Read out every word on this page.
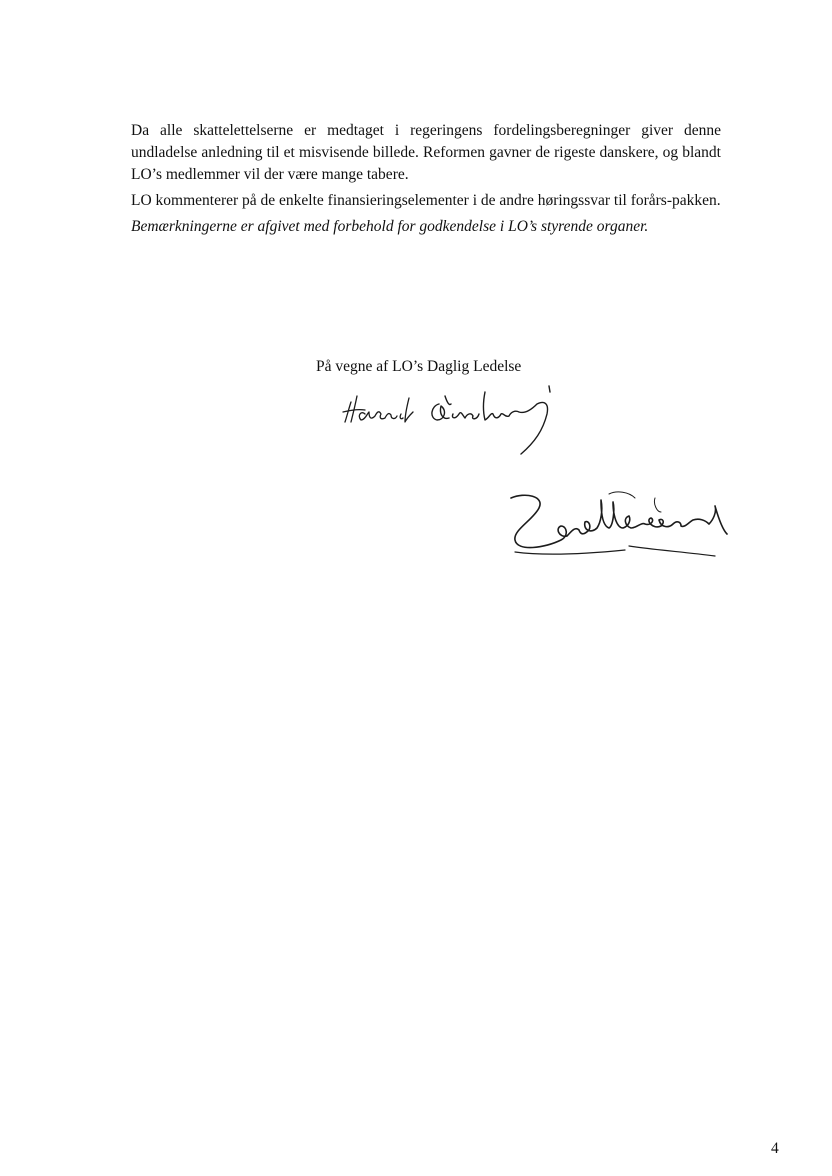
Da alle skattelettelserne er medtaget i regeringens fordelingsberegninger giver denne undladelse anledning til et misvisende billede. Reformen gavner de rigeste danskere, og blandt LO’s medlemmer vil der være mange tabere.

LO kommenterer på de enkelte finansieringselementer i de andre høringssvar til forårs-pakken.

Bemærkningerne er afgivet med forbehold for godkendelse i LO’s styrende organer.

På vegne af LO’s Daglig Ledelse
4
